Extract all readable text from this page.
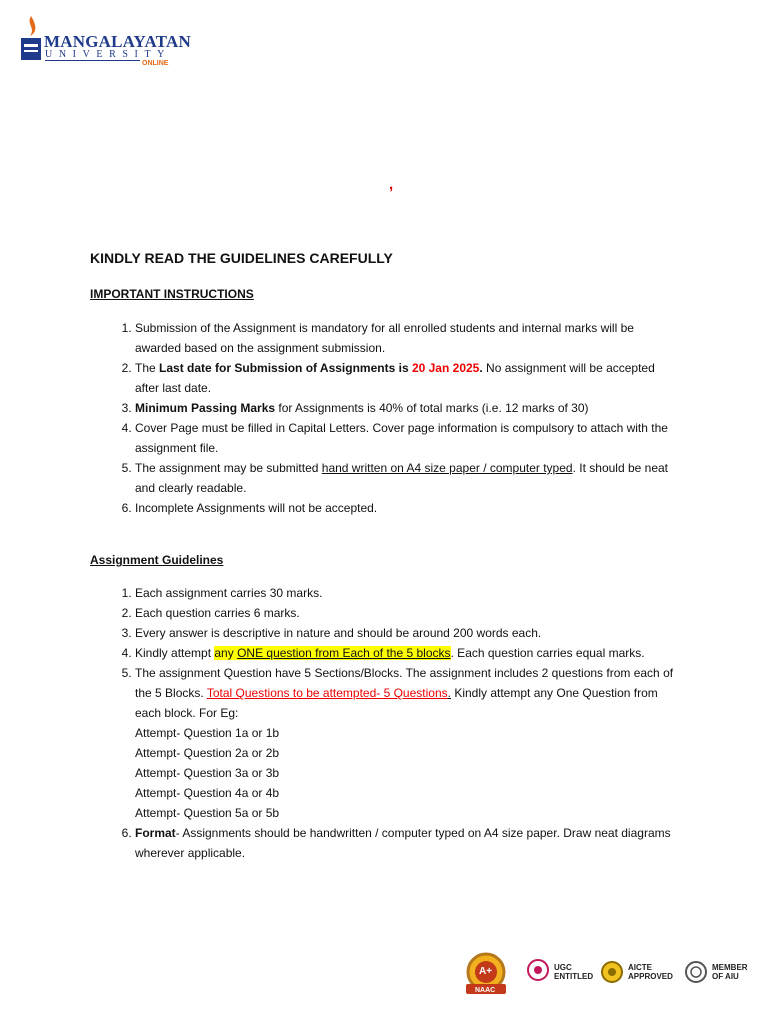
MANGALAYATAN
UNIVERSITY
ONLINE
,
KINDLY READ THE GUIDELINES CAREFULLY

IMPORTANT INSTRUCTIONS

1. Submission of the Assignment is mandatory for all enrolled students and internal marks will be awarded based on the assignment submission.
2. The Last date for Submission of Assignments is 20 Jan 2025. No assignment will be accepted after last date.
3. Minimum Passing Marks for Assignments is 40% of total marks (i.e. 12 marks of 30)
4. Cover Page must be filled in Capital Letters. Cover page information is compulsory to attach with the assignment file.
5. The assignment may be submitted hand written on A4 size paper / computer typed. It should be neat and clearly readable.
6. Incomplete Assignments will not be accepted.

Assignment Guidelines

1. Each assignment carries 30 marks.
2. Each question carries 6 marks.
3. Every answer is descriptive in nature and should be around 200 words each.
4. Kindly attempt any ONE question from Each of the 5 blocks. Each question carries equal marks.
5. The assignment Question have 5 Sections/Blocks. The assignment includes 2 questions from each of the 5 Blocks. Total Questions to be attempted- 5 Questions. Kindly attempt any One Question from each block. For Eg:
Attempt- Question 1a or 1b
Attempt- Question 2a or 2b
Attempt- Question 3a or 3b
Attempt- Question 4a or 4b
Attempt- Question 5a or 5b
6. Format- Assignments should be handwritten / computer typed on A4 size paper. Draw neat diagrams wherever applicable.
A+
NAAC
UGC ENTITLED
AICTE APPROVED
MEMBER OF AIU
